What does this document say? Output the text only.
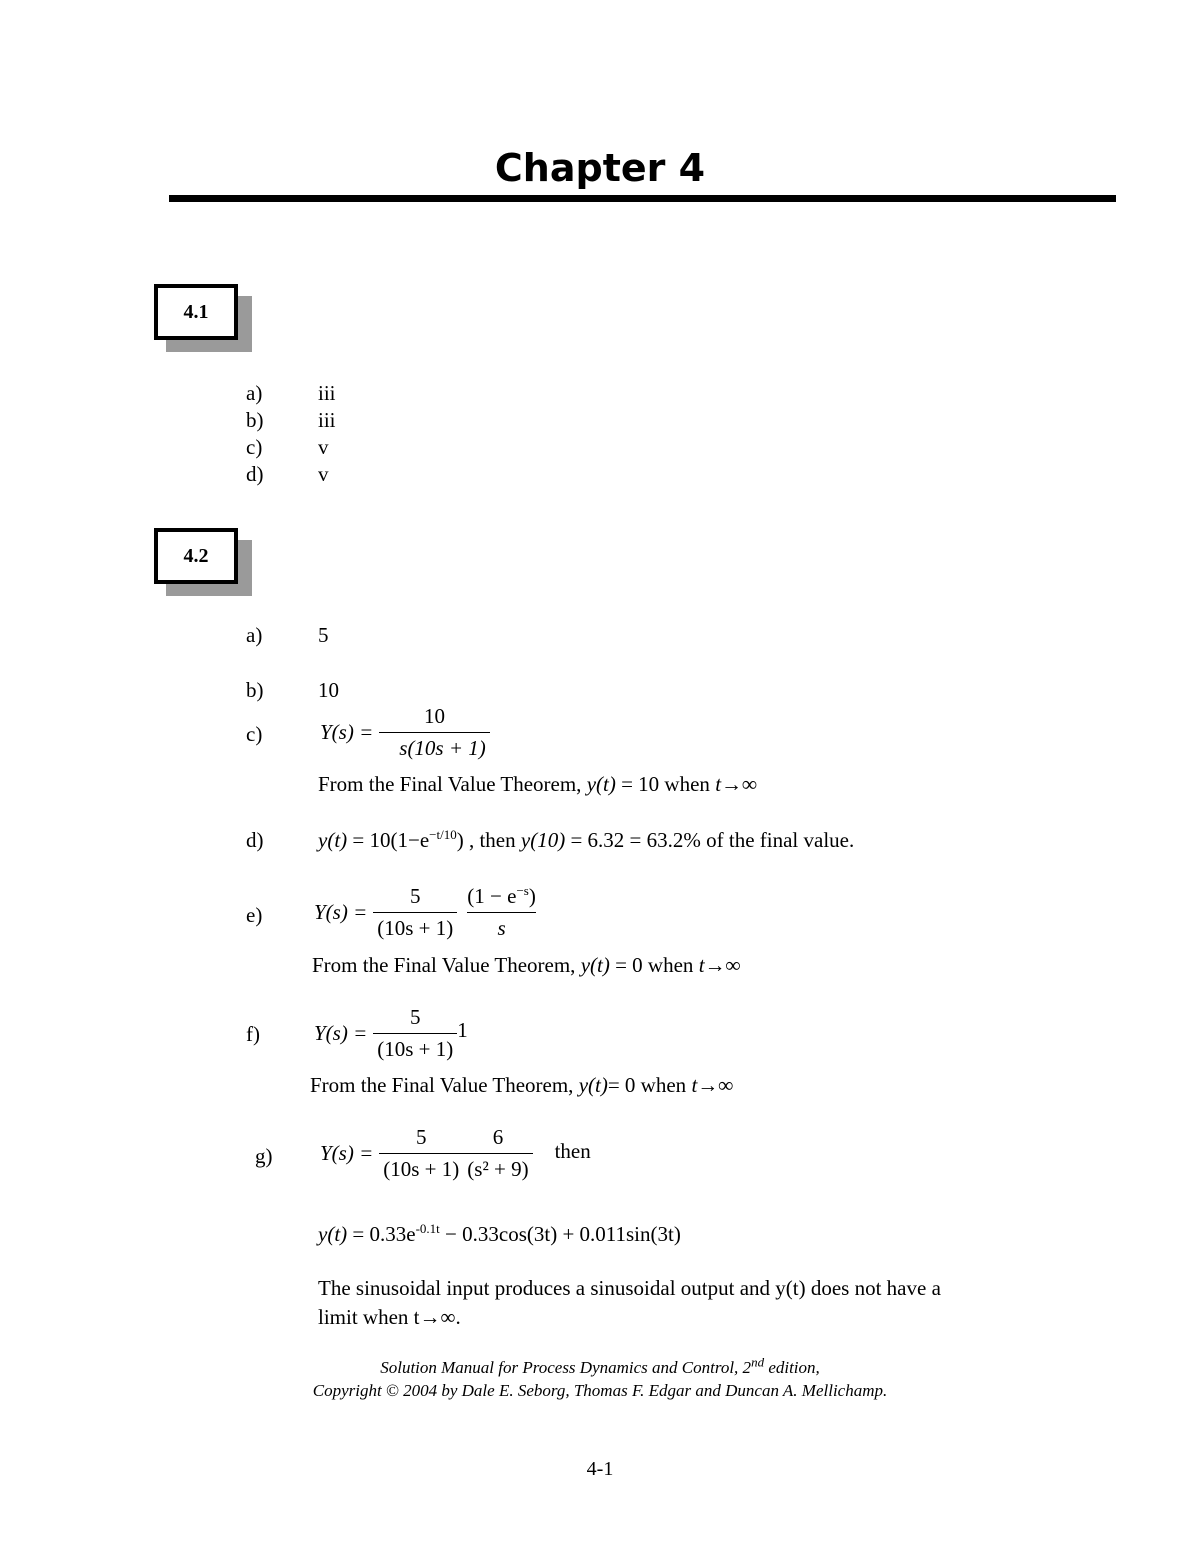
Chapter 4
4.1
a)	iii
b)	iii
c)	v
d)	v
4.2
a)	5
b)	10
c)	$Y(s) = \frac{10}{s(10s + 1)}$
From the Final Value Theorem, y(t) = 10 when t→∞
d)	$y(t) = 10(1-e^{-t/10})$ , then y(10) = 6.32 = 63.2% of the final value.
e) $Y(s) = \frac{5}{(10s + 1)} \frac{(1 - e^{-s})}{s}$
From the Final Value Theorem, y(t) = 0 when t→∞
f)	$Y(s) = \frac{5}{(10s + 1)} 1$
From the Final Value Theorem, y(t)= 0 when t→∞
g) $Y(s) = \frac{5}{(10s + 1)} \frac{6}{\text{(s² + 9)}}$ then
$y(t) = 0.33e^{-0.1t} - 0.33\cos(3t) + 0.011\sin(3t)$
The sinusoidal input produces a sinusoidal output and y(t) does not have a
limit when t→∞.
Solution Manual for Process Dynamics and Control, 2nd edition,
Copyright © 2004 by Dale E. Seborg, Thomas F. Edgar and Duncan A. Mellichamp.
4-1
